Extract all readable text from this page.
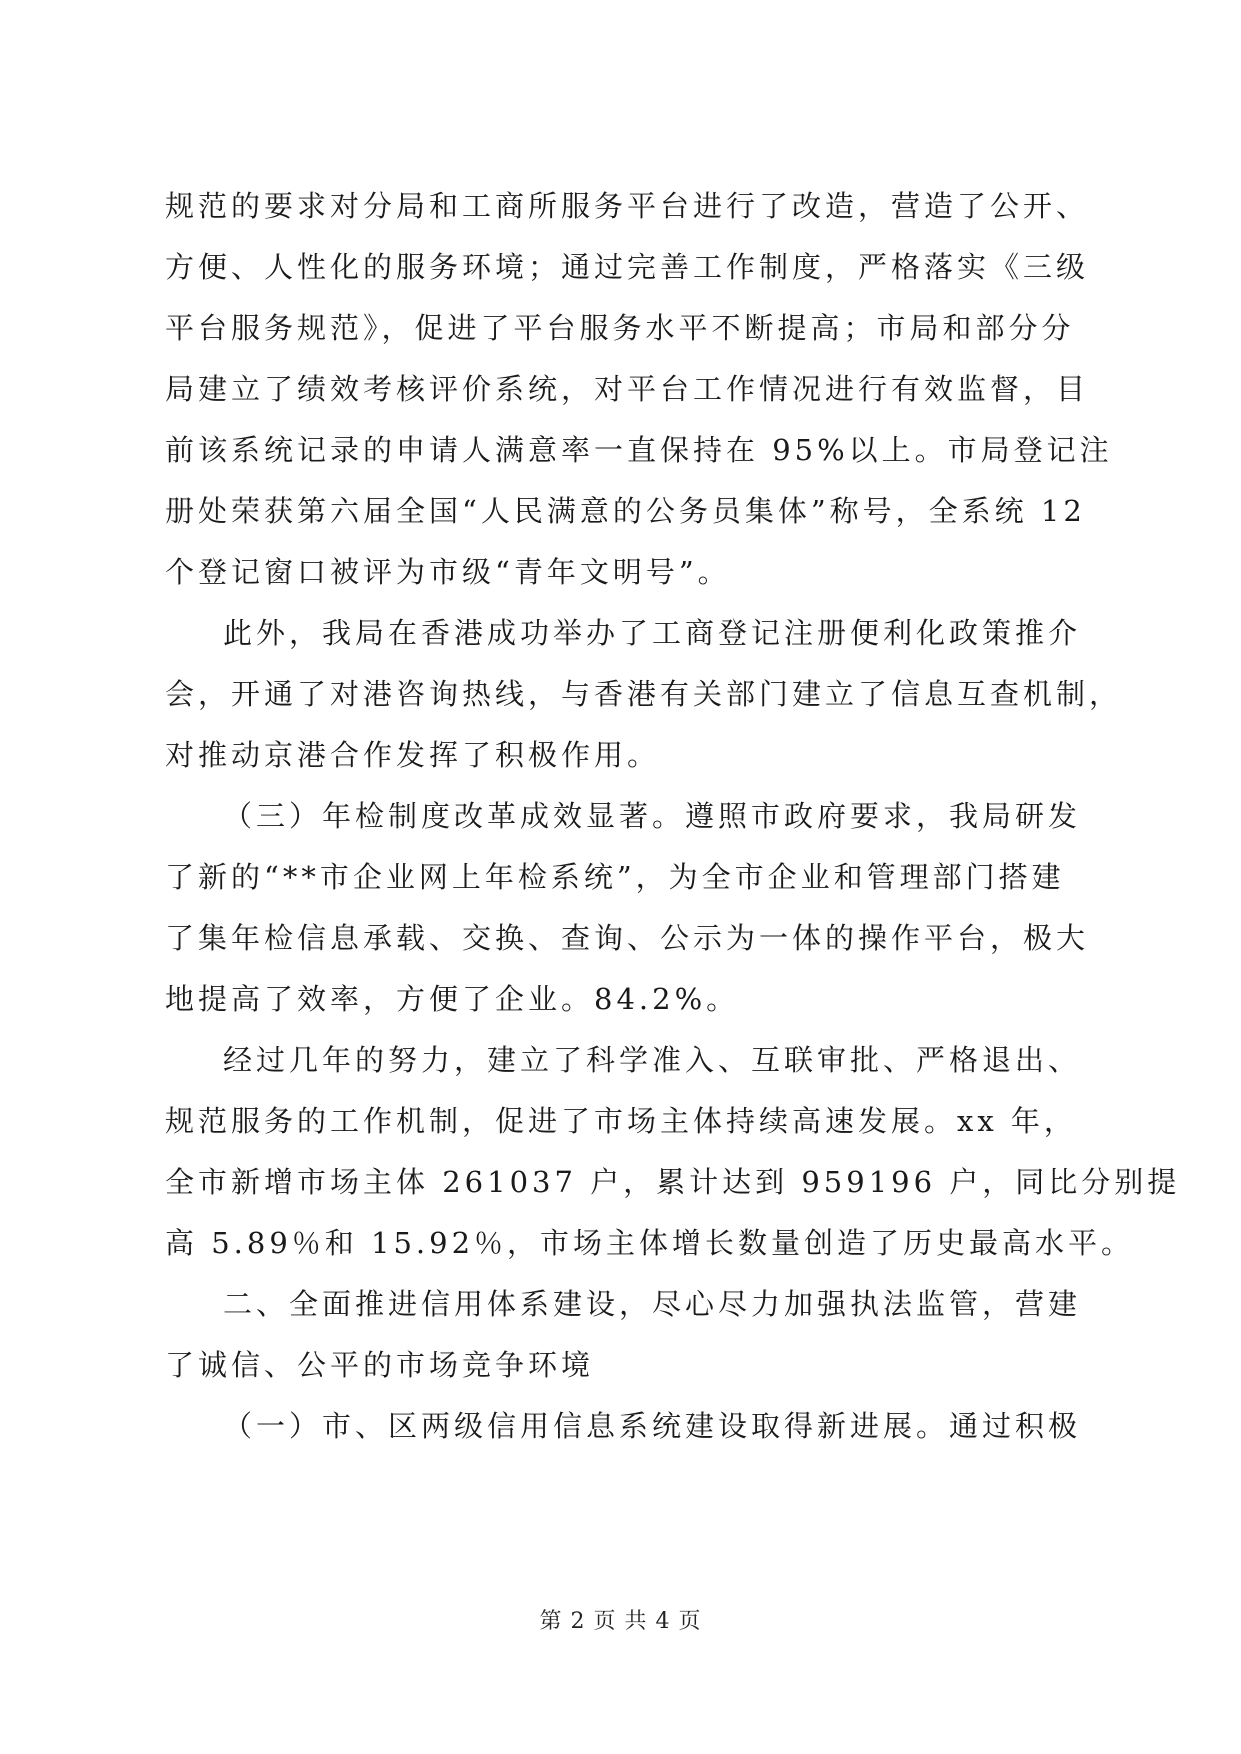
规范的要求对分局和工商所服务平台进行了改造，营造了公开、
方便、人性化的服务环境；通过完善工作制度，严格落实《三级
平台服务规范》，促进了平台服务水平不断提高；市局和部分分
局建立了绩效考核评价系统，对平台工作情况进行有效监督，目
前该系统记录的申请人满意率一直保持在 95%以上。市局登记注
册处荣获第六届全国“人民满意的公务员集体”称号，全系统 12
个登记窗口被评为市级“青年文明号”。
此外，我局在香港成功举办了工商登记注册便利化政策推介
会，开通了对港咨询热线，与香港有关部门建立了信息互查机制，
对推动京港合作发挥了积极作用。
（三）年检制度改革成效显著。遵照市政府要求，我局研发
了新的“**市企业网上年检系统”，为全市企业和管理部门搭建
了集年检信息承载、交换、查询、公示为一体的操作平台，极大
地提高了效率，方便了企业。84.2%。
经过几年的努力，建立了科学准入、互联审批、严格退出、
规范服务的工作机制，促进了市场主体持续高速发展。xx 年，
全市新增市场主体 261037 户，累计达到 959196 户，同比分别提
高 5.89％和 15.92％，市场主体增长数量创造了历史最高水平。
二、全面推进信用体系建设，尽心尽力加强执法监管，营建
了诚信、公平的市场竞争环境
（一）市、区两级信用信息系统建设取得新进展。通过积极
第 2 页 共 4 页
